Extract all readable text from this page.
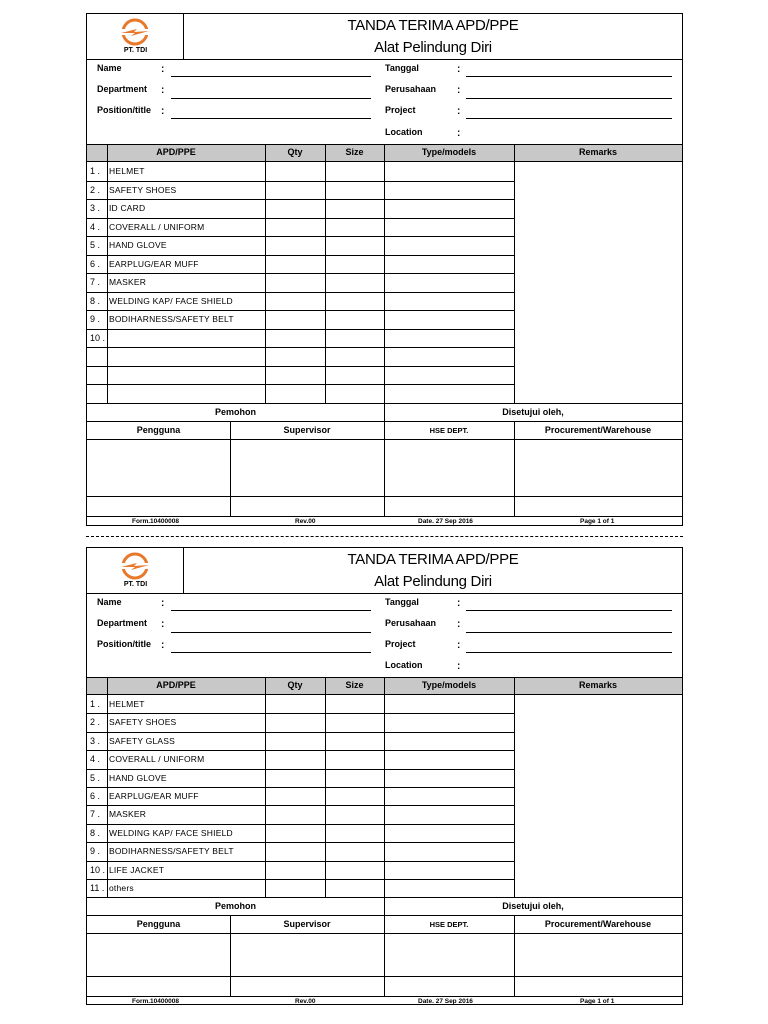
PT. TDI
TANDA TERIMA APD/PPE
Alat Pelindung Diri
Name	:
Department :
Position/title :
Tanggal	:
Perusahaan :
Project	:
Location	:
APD/PPE	Qty	Size	Type/models	Remarks
1 . HELMET
2 . SAFETY SHOES
3 . ID CARD
4 . COVERALL / UNIFORM
5 . HAND GLOVE
6 . EARPLUG/EAR MUFF
7 . MASKER
8 . WELDING KAP/ FACE SHIELD
9 . BODIHARNESS/SAFETY BELT
10 .
Pemohon	Disetujui oleh,
Pengguna	Supervisor	HSE DEPT.	Procurement/Warehouse
Form.10400008	Rev.00	Date. 27 Sep 2016	Page 1 of 1
PT. TDI
TANDA TERIMA APD/PPE
Alat Pelindung Diri
Name	:
Department :
Position/title :
Tanggal	:
Perusahaan :
Project	:
Location	:
APD/PPE	Qty	Size	Type/models	Remarks
1 . HELMET
2 . SAFETY SHOES
3 . SAFETY GLASS
4 . COVERALL / UNIFORM
5 . HAND GLOVE
6 . EARPLUG/EAR MUFF
7 . MASKER
8 . WELDING KAP/ FACE SHIELD
9 . BODIHARNESS/SAFETY BELT
10 . LIFE JACKET
11 . others
Pemohon	Disetujui oleh,
Pengguna	Supervisor	HSE DEPT.	Procurement/Warehouse
Form.10400008	Rev.00	Date. 27 Sep 2016	Page 1 of 1
